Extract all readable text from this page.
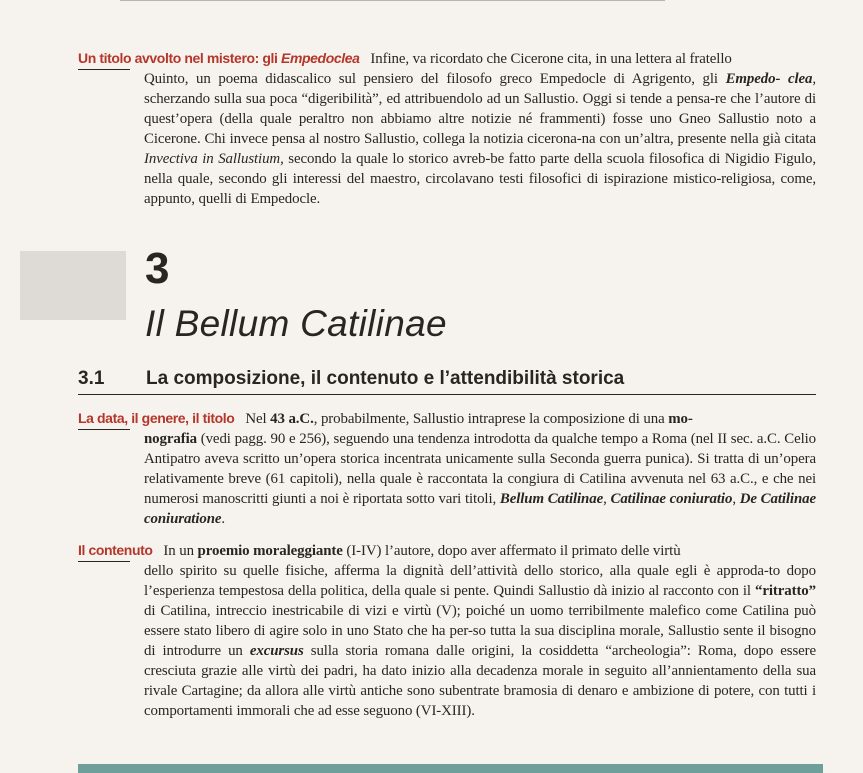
Un titolo avvolto nel mistero: gli Empedoclea Infine, va ricordato che Cicerone cita, in una lettera al fratello

Quinto, un poema didascalico sul pensiero del filosofo greco Empedocle di Agrigento, gli Empedo- clea, scherzando sulla sua poca “digeribilità”, ed attribuendolo ad un Sallustio. Oggi si tende a pensa-re che l’autore di quest’opera (della quale peraltro non abbiamo altre notizie né frammenti) fosse uno Gneo Sallustio noto a Cicerone. Chi invece pensa al nostro Sallustio, collega la notizia cicerona-na con un’altra, presente nella già citata Invectiva in Sallustium, secondo la quale lo storico avreb-be fatto parte della scuola filosofica di Nigidio Figulo, nella quale, secondo gli interessi del maestro, circolavano testi filosofici di ispirazione mistico-religiosa, come, appunto, quelli di Empedocle.
3
Il Bellum Catilinae
3.1 La composizione, il contenuto e l’attendibilità storica
La data, il genere, il titolo Nel 43 a.C., probabilmente, Sallustio intraprese la composizione di una mo-

nografia (vedi pagg. 90 e 256), seguendo una tendenza introdotta da qualche tempo a Roma (nel II sec. a.C. Celio Antipatro aveva scritto un’opera storica incentrata unicamente sulla Seconda guerra punica). Si tratta di un’opera relativamente breve (61 capitoli), nella quale è raccontata la congiura di Catilina avvenuta nel 63 a.C., e che nei numerosi manoscritti giunti a noi è riportata sotto vari titoli, Bellum Catilinae, Catilinae coniuratio, De Catilinae coniuratione.
Il contenuto In un proemio moraleggiante (I-IV) l’autore, dopo aver affermato il primato delle virtù

dello spirito su quelle fisiche, afferma la dignità dell’attività dello storico, alla quale egli è approda-to dopo l’esperienza tempestosa della politica, della quale si pente. Quindi Sallustio dà inizio al racconto con il “ritratto” di Catilina, intreccio inestricabile di vizi e virtù (V); poiché un uomo terribilmente malefico come Catilina può essere stato libero di agire solo in uno Stato che ha per-so tutta la sua disciplina morale, Sallustio sente il bisogno di introdurre un excursus sulla storia romana dalle origini, la cosiddetta “archeologia”: Roma, dopo essere cresciuta grazie alle virtù dei padri, ha dato inizio alla decadenza morale in seguito all’annientamento della sua rivale Cartagine; da allora alle virtù antiche sono subentrate bramosia di denaro e ambizione di potere, con tutti i comportamenti immorali che ad esse seguono (VI-XIII).
